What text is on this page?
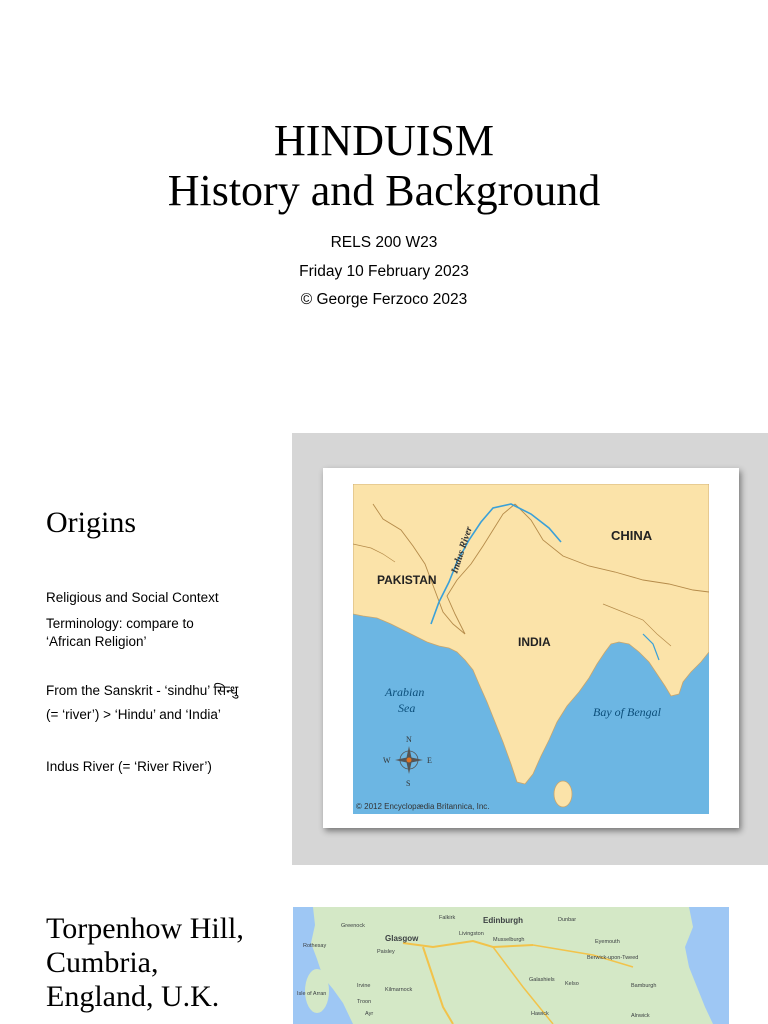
HINDUISM
History and Background
RELS 200 W23
Friday 10 February 2023
© George Ferzoco 2023
Origins
Religious and Social Context
Terminology: compare to
‘African Religion’
From the Sanskrit - ‘sindhu’ सिन्धु
(= ‘river’) > ‘Hindu’ and ‘India’
Indus River (= ‘River River’)
CHINA
PAKISTAN
INDIA
Indus River
Arabian
Sea	Bay of Bengal
N
S
E
W
© 2012 Encyclopædia Britannica, Inc.
Torpenhow Hill,
Cumbria,
England, U.K.
Falkirk	Edinburgh	Dunbar
Greenock
Glasgow	Livingston
Musselburgh	Eyemouth
Paisley
Berwick-upon-Tweed
Galashiels
Kelso	Bamburgh
Isle of Arran
Irvine
Kilmarnock
Troon
Ayr	Hawick	Alnwick
Rothesay
